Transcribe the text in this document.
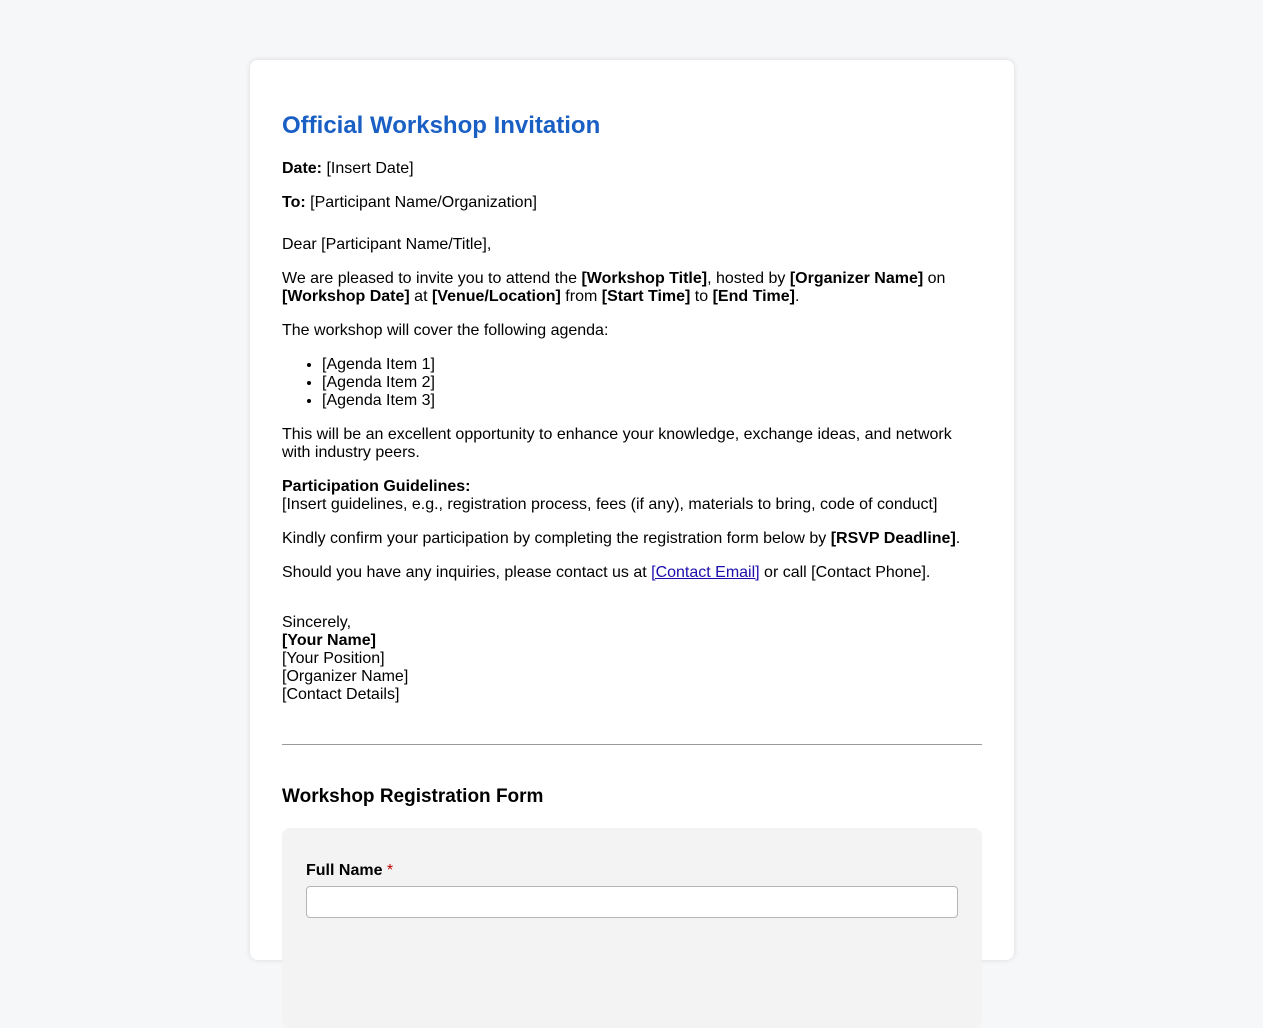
Official Workshop Invitation

Date: [Insert Date]

To: [Participant Name/Organization]

Dear [Participant Name/Title],

We are pleased to invite you to attend the [Workshop Title], hosted by [Organizer Name] on
[Workshop Date] at [Venue/Location] from [Start Time] to [End Time].

The workshop will cover the following agenda:

• [Agenda Item 1]
• [Agenda Item 2]
• [Agenda Item 3]

This will be an excellent opportunity to enhance your knowledge, exchange ideas, and network
with industry peers.

Participation Guidelines:
[Insert guidelines, e.g., registration process, fees (if any), materials to bring, code of conduct]

Kindly confirm your participation by completing the registration form below by [RSVP Deadline].

Should you have any inquiries, please contact us at [Contact Email] or call [Contact Phone].

Sincerely,
[Your Name]
[Your Position]
[Organizer Name]
[Contact Details]
Workshop Registration Form
Full Name *
